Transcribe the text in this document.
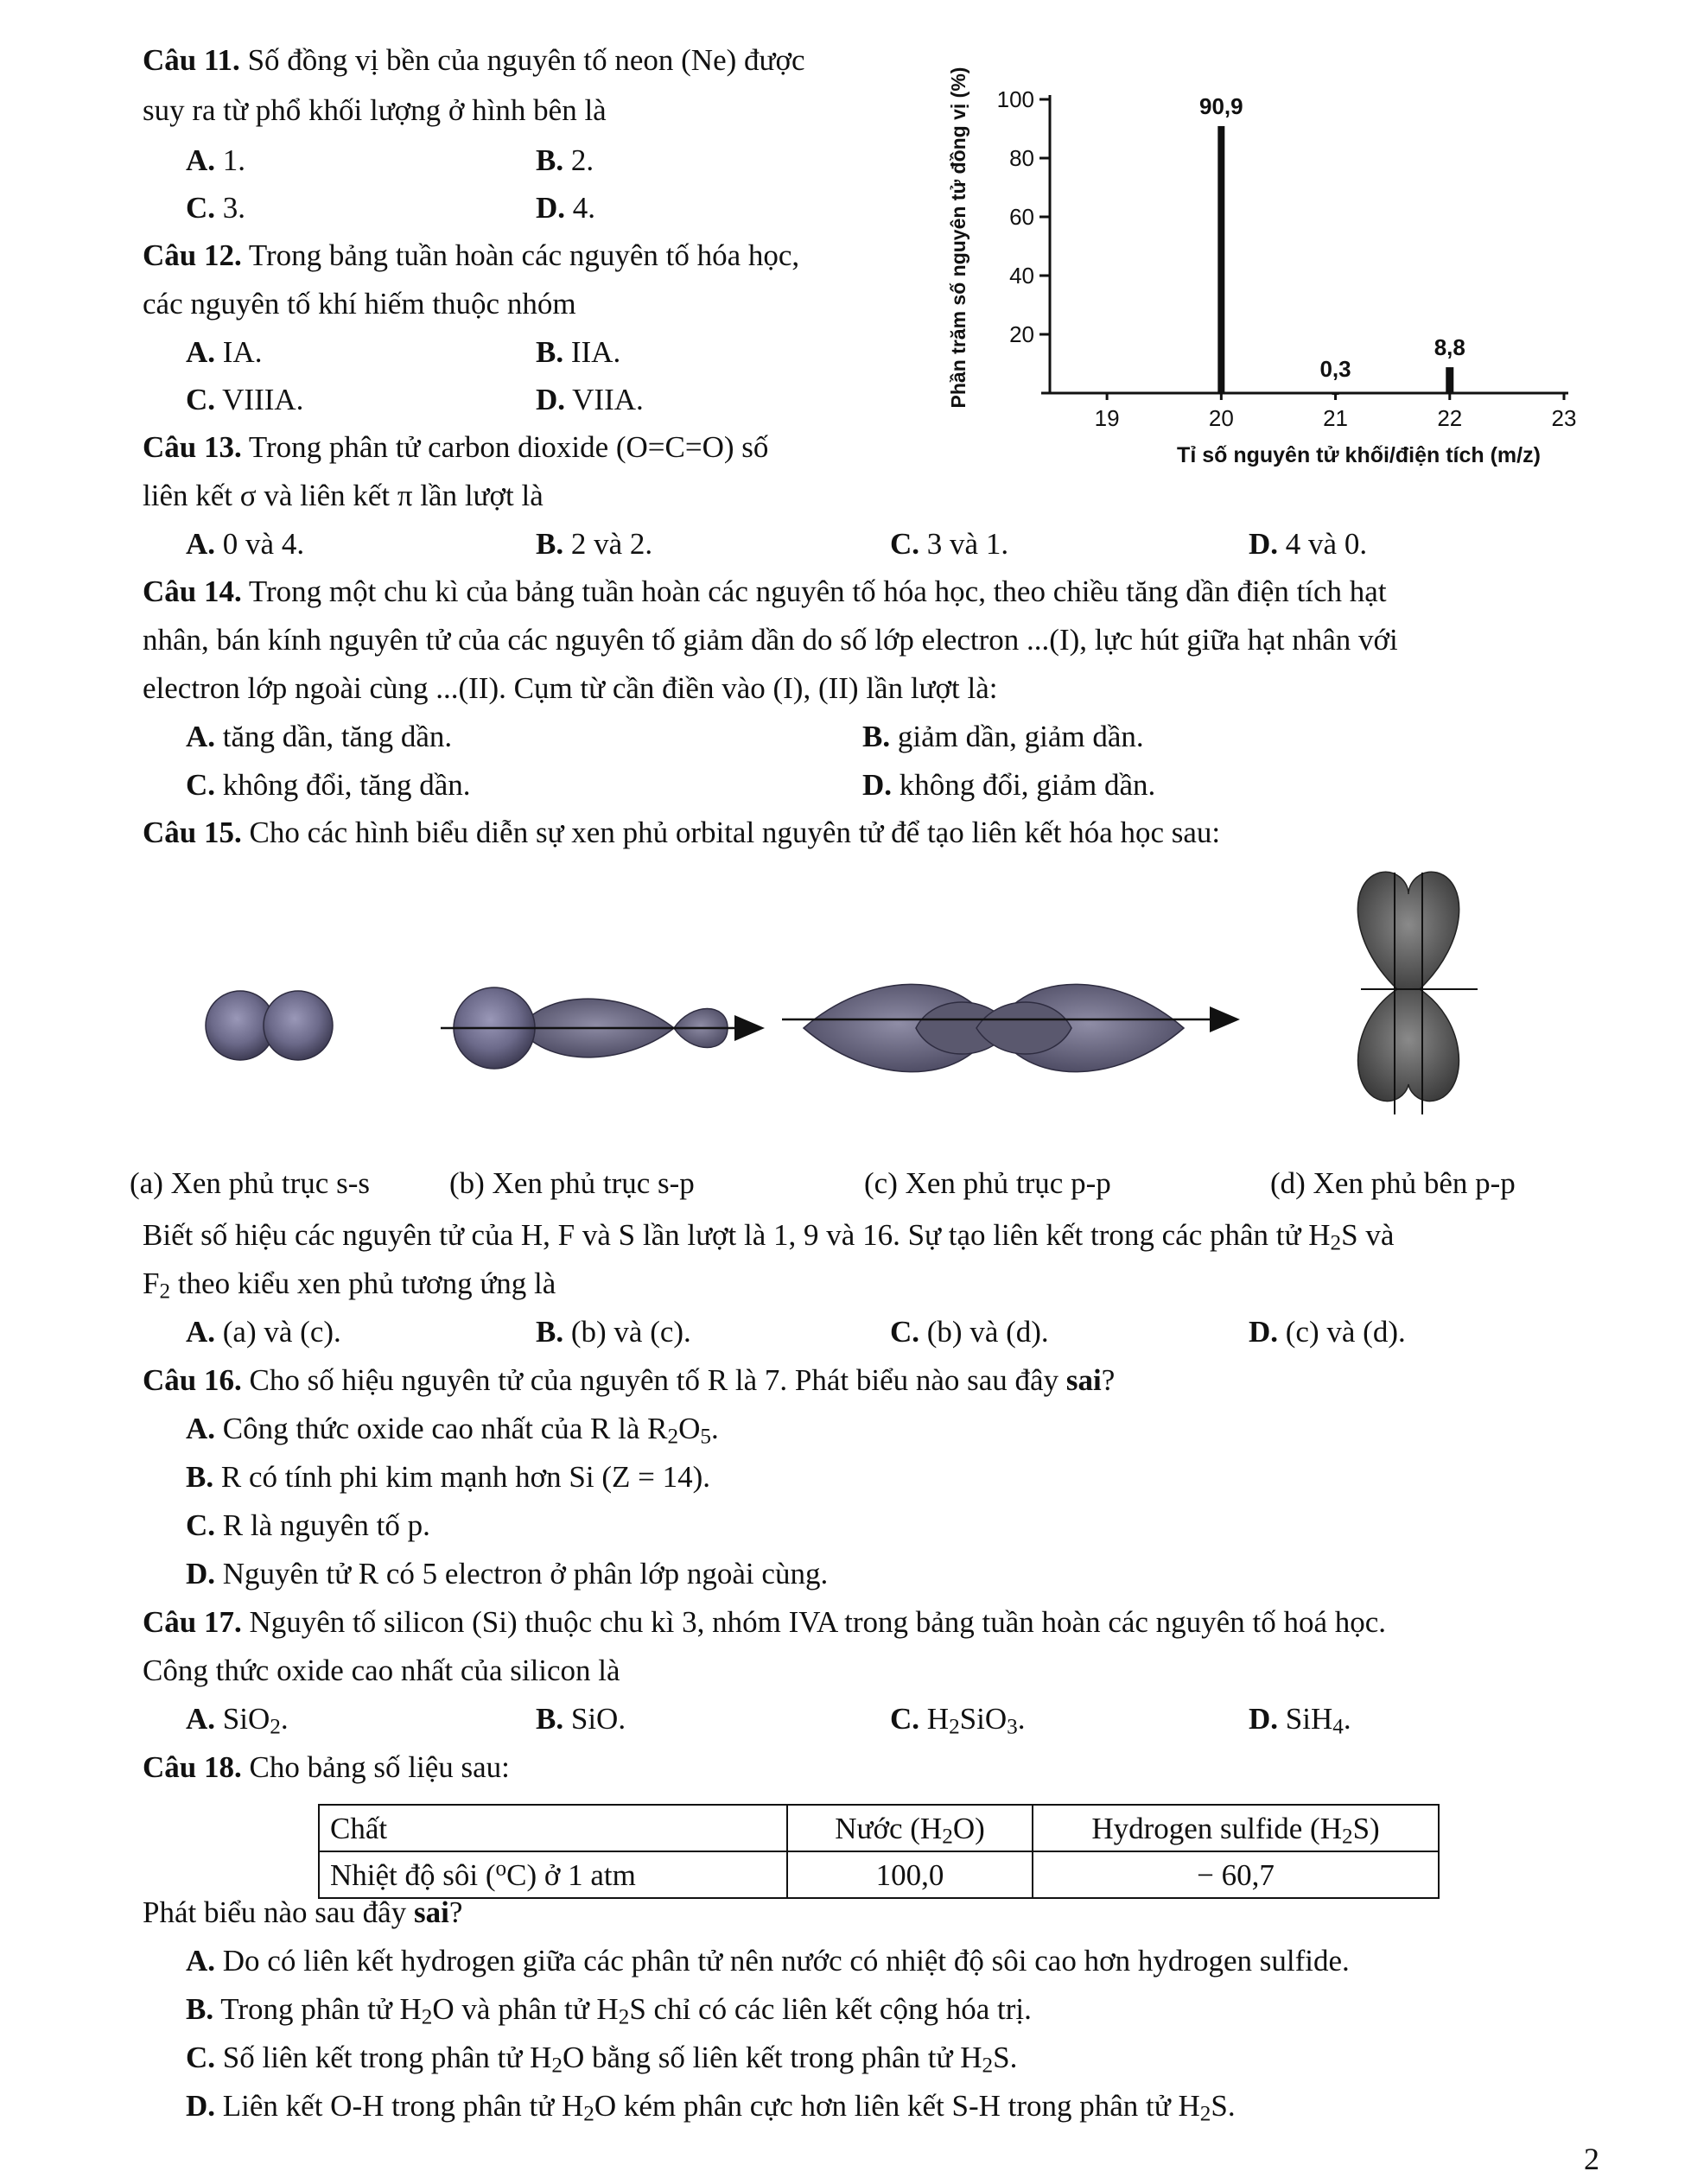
Câu 11. Số đồng vị bền của nguyên tố neon (Ne) được
suy ra từ phổ khối lượng ở hình bên là
A. 1.	B. 2.
C. 3.	D. 4.
Câu 12. Trong bảng tuần hoàn các nguyên tố hóa học,
các nguyên tố khí hiếm thuộc nhóm
A. IA.	B. IIA.
C. VIIIA.	D. VIIA.
Câu 13. Trong phân tử carbon dioxide (O=C=O) số
liên kết σ và liên kết π lần lượt là
A. 0 và 4.	B. 2 và 2.	C. 3 và 1.	D. 4 và 0.
20
40
60
80
100
19	20	21	22	23
90,9
0,3
8,8
Tỉ số nguyên tử khối/điện tích (m/z)
Phần trăm số nguyên tử đồng vị (%)
Câu 14. Trong một chu kì của bảng tuần hoàn các nguyên tố hóa học, theo chiều tăng dần điện tích hạt
nhân, bán kính nguyên tử của các nguyên tố giảm dần do số lớp electron ...(I), lực hút giữa hạt nhân với
electron lớp ngoài cùng ...(II). Cụm từ cần điền vào (I), (II) lần lượt là:
A. tăng dần, tăng dần.	B. giảm dần, giảm dần.
C. không đổi, tăng dần.	D. không đổi, giảm dần.
Câu 15. Cho các hình biểu diễn sự xen phủ orbital nguyên tử để tạo liên kết hóa học sau:
(a) Xen phủ trục s-s	(b) Xen phủ trục s-p	(c) Xen phủ trục p-p	(d) Xen phủ bên p-p
Biết số hiệu các nguyên tử của H, F và S lần lượt là 1, 9 và 16. Sự tạo liên kết trong các phân tử $H_2S$ và
$F_2$ theo kiểu xen phủ tương ứng là
A. (a) và (c).	B. (b) và (c).	C. (b) và (d).	D. (c) và (d).
Câu 16. Cho số hiệu nguyên tử của nguyên tố R là 7. Phát biểu nào sau đây sai?
A. Công thức oxide cao nhất của R là $R_2O_5$.
B. R có tính phi kim mạnh hơn Si (Z = 14).
C. R là nguyên tố p.
D. Nguyên tử R có 5 electron ở phân lớp ngoài cùng.
Câu 17. Nguyên tố silicon (Si) thuộc chu kì 3, nhóm IVA trong bảng tuần hoàn các nguyên tố hoá học.
Công thức oxide cao nhất của silicon là
A. SiO$_2$.	B. SiO.	C. $H_2SiO_3$.	D. SiH$_4$.
Câu 18. Cho bảng số liệu sau:
Chất	Nước $(H_2O)$	Hydrogen sulfide $(H_2S)$
Nhiệt độ sôi ($^o$C) ở 1 atm	100,0	− 60,7
Phát biểu nào sau đây sai?
A. Do có liên kết hydrogen giữa các phân tử nên nước có nhiệt độ sôi cao hơn hydrogen sulfide.
B. Trong phân tử $H_2O$ và phân tử $H_2S$ chỉ có các liên kết cộng hóa trị.
C. Số liên kết trong phân tử $H_2O$ bằng số liên kết trong phân tử $H_2S$.
D. Liên kết O-H trong phân tử $H_2O$ kém phân cực hơn liên kết S-H trong phân tử $H_2S$.
2
